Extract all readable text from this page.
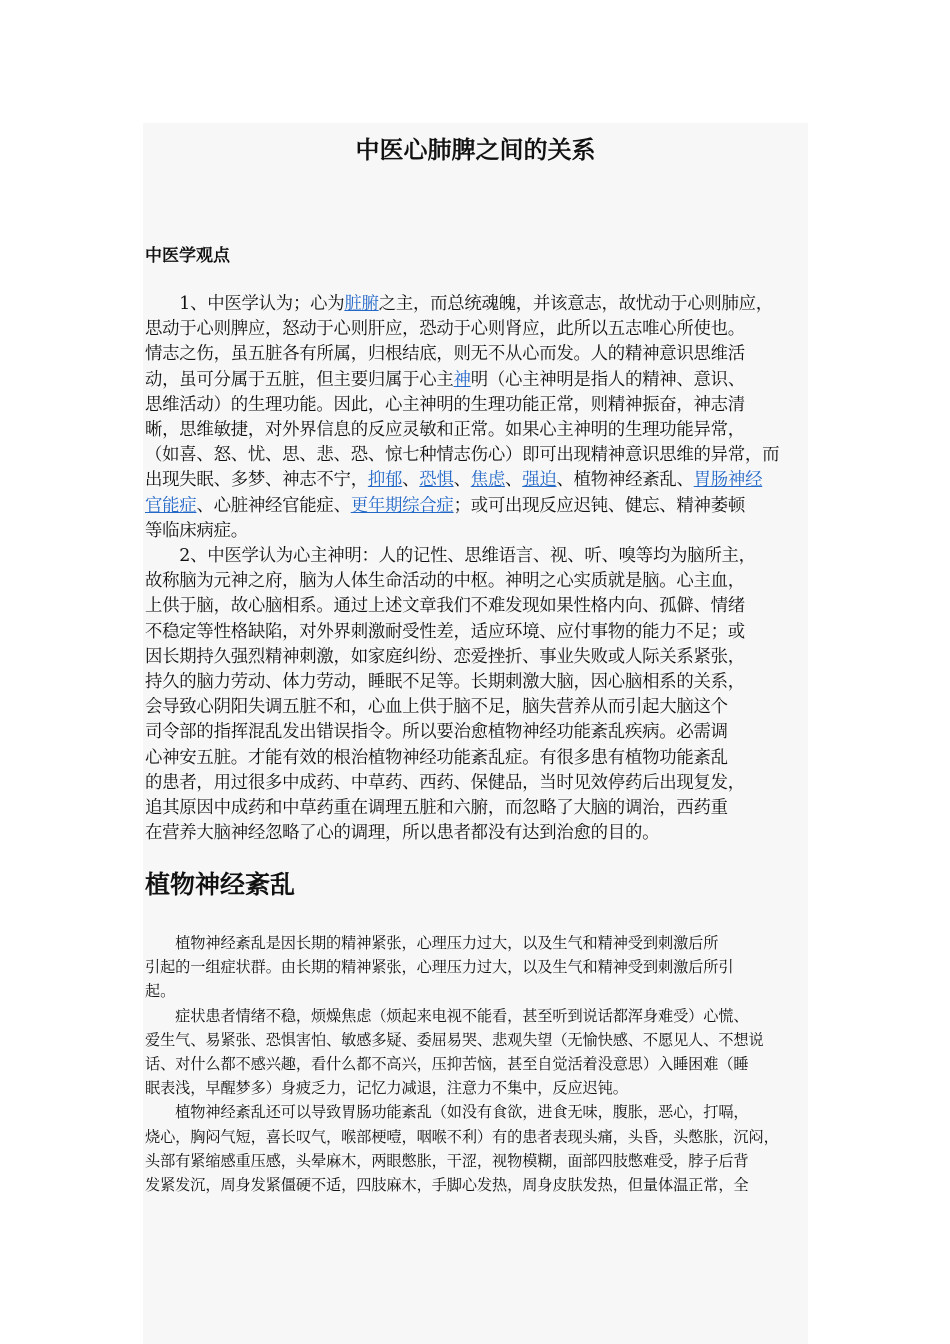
中医心肺脾之间的关系
中医学观点

　　1、中医学认为；心为脏腑之主，而总统魂魄，并该意志，故忧动于心则肺应，

思动于心则脾应，怒动于心则肝应，恐动于心则肾应，此所以五志唯心所使也。

情志之伤，虽五脏各有所属，归根结底，则无不从心而发。人的精神意识思维活

动，虽可分属于五脏，但主要归属于心主神明（心主神明是指人的精神、意识、

思维活动）的生理功能。因此，心主神明的生理功能正常，则精神振奋，神志清

晰，思维敏捷，对外界信息的反应灵敏和正常。如果心主神明的生理功能异常，

（如喜、怒、忧、思、悲、恐、惊七种情志伤心）即可出现精神意识思维的异常，而

出现失眠、多梦、神志不宁，抑郁、恐惧、焦虑、强迫、植物神经紊乱、胃肠神经

官能症、心脏神经官能症、更年期综合症；或可出现反应迟钝、健忘、精神萎顿

等临床病症。

　　2、中医学认为心主神明：人的记性、思维语言、视、听、嗅等均为脑所主，

故称脑为元神之府，脑为人体生命活动的中枢。神明之心实质就是脑。心主血，

上供于脑，故心脑相系。通过上述文章我们不难发现如果性格内向、孤僻、情绪

不稳定等性格缺陷，对外界刺激耐受性差，适应环境、应付事物的能力不足；或

因长期持久强烈精神刺激，如家庭纠纷、恋爱挫折、事业失败或人际关系紧张，

持久的脑力劳动、体力劳动，睡眠不足等。长期刺激大脑，因心脑相系的关系，

会导致心阴阳失调五脏不和，心血上供于脑不足，脑失营养从而引起大脑这个

司令部的指挥混乱发出错误指令。所以要治愈植物神经功能紊乱疾病。必需调

心神安五脏。才能有效的根治植物神经功能紊乱症。有很多患有植物功能紊乱

的患者，用过很多中成药、中草药、西药、保健品，当时见效停药后出现复发，

追其原因中成药和中草药重在调理五脏和六腑，而忽略了大脑的调治，西药重

在营养大脑神经忽略了心的调理，所以患者都没有达到治愈的目的。

植物神经紊乱

　　植物神经紊乱是因长期的精神紧张，心理压力过大，以及生气和精神受到刺激后所

引起的一组症状群。由长期的精神紧张，心理压力过大，以及生气和精神受到刺激后所引

起。

　　症状患者情绪不稳，烦燥焦虑（烦起来电视不能看，甚至听到说话都浑身难受）心慌、

爱生气、易紧张、恐惧害怕、敏感多疑、委屈易哭、悲观失望（无愉快感、不愿见人、不想说

话、对什么都不感兴趣，看什么都不高兴，压抑苦恼，甚至自觉活着没意思）入睡困难（睡

眠表浅，早醒梦多）身疲乏力，记忆力减退，注意力不集中，反应迟钝。

　　植物神经紊乱还可以导致胃肠功能紊乱（如没有食欲，进食无味，腹胀，恶心，打嗝，

烧心，胸闷气短，喜长叹气，喉部梗噎，咽喉不利）有的患者表现头痛，头昏，头憋胀，沉闷，

头部有紧缩感重压感，头晕麻木，两眼憋胀，干涩，视物模糊，面部四肢憋难受，脖子后背

发紧发沉，周身发紧僵硬不适，四肢麻木，手脚心发热，周身皮肤发热，但量体温正常，全
